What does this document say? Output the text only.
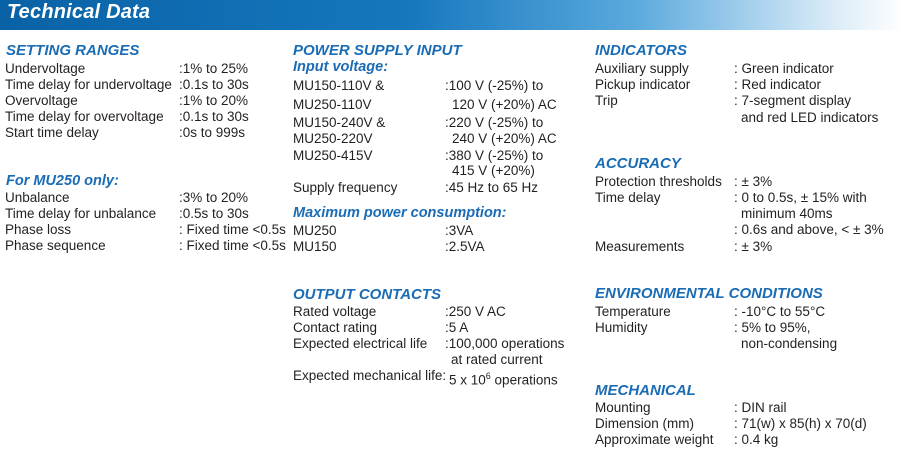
Technical Data
SETTING RANGES
Undervoltage	:1% to 25%
Time delay for undervoltage :0.1s to 30s
Overvoltage	:1% to 20%
Time delay for overvoltage :0.1s to 30s
Start time delay	:0s to 999s
For MU250 only:
Unbalance	:3% to 20%
Time delay for unbalance :0.5s to 30s
Phase loss	: Fixed time <0.5s
Phase sequence	: Fixed time <0.5s
POWER SUPPLY INPUT
Input voltage:
MU150-110V &	:100 V (-25%) to
MU250-110V	120 V (+20%) AC
MU150-240V &	:220 V (-25%) to
MU250-220V	240 V (+20%) AC
MU250-415V	:380 V (-25%) to
415 V (+20%)
Supply frequency	:45 Hz to 65 Hz
Maximum power consumption:
MU250	:3VA
MU150	:2.5VA
OUTPUT CONTACTS
Rated voltage	:250 V AC
Contact rating	:5 A
Expected electrical life :100,000 operations
at rated current
Expected mechanical life: 5 x $10^6$ operations
INDICATORS
Auxiliary supply	: Green indicator
Pickup indicator	: Red indicator
Trip	: 7-segment display
and red LED indicators
ACCURACY
Protection thresholds : ± 3%
Time delay	: 0 to 0.5s, ± 15% with
minimum 40ms
: 0.6s and above, < ± 3%
Measurements	: ± 3%
ENVIRONMENTAL CONDITIONS
Temperature	: -10°C to 55°C
Humidity	: 5% to 95%,
non-condensing
MECHANICAL
Mounting	: DIN rail
Dimension (mm)	: 71(w) x 85(h) x 70(d)
Approximate weight : 0.4 kg
